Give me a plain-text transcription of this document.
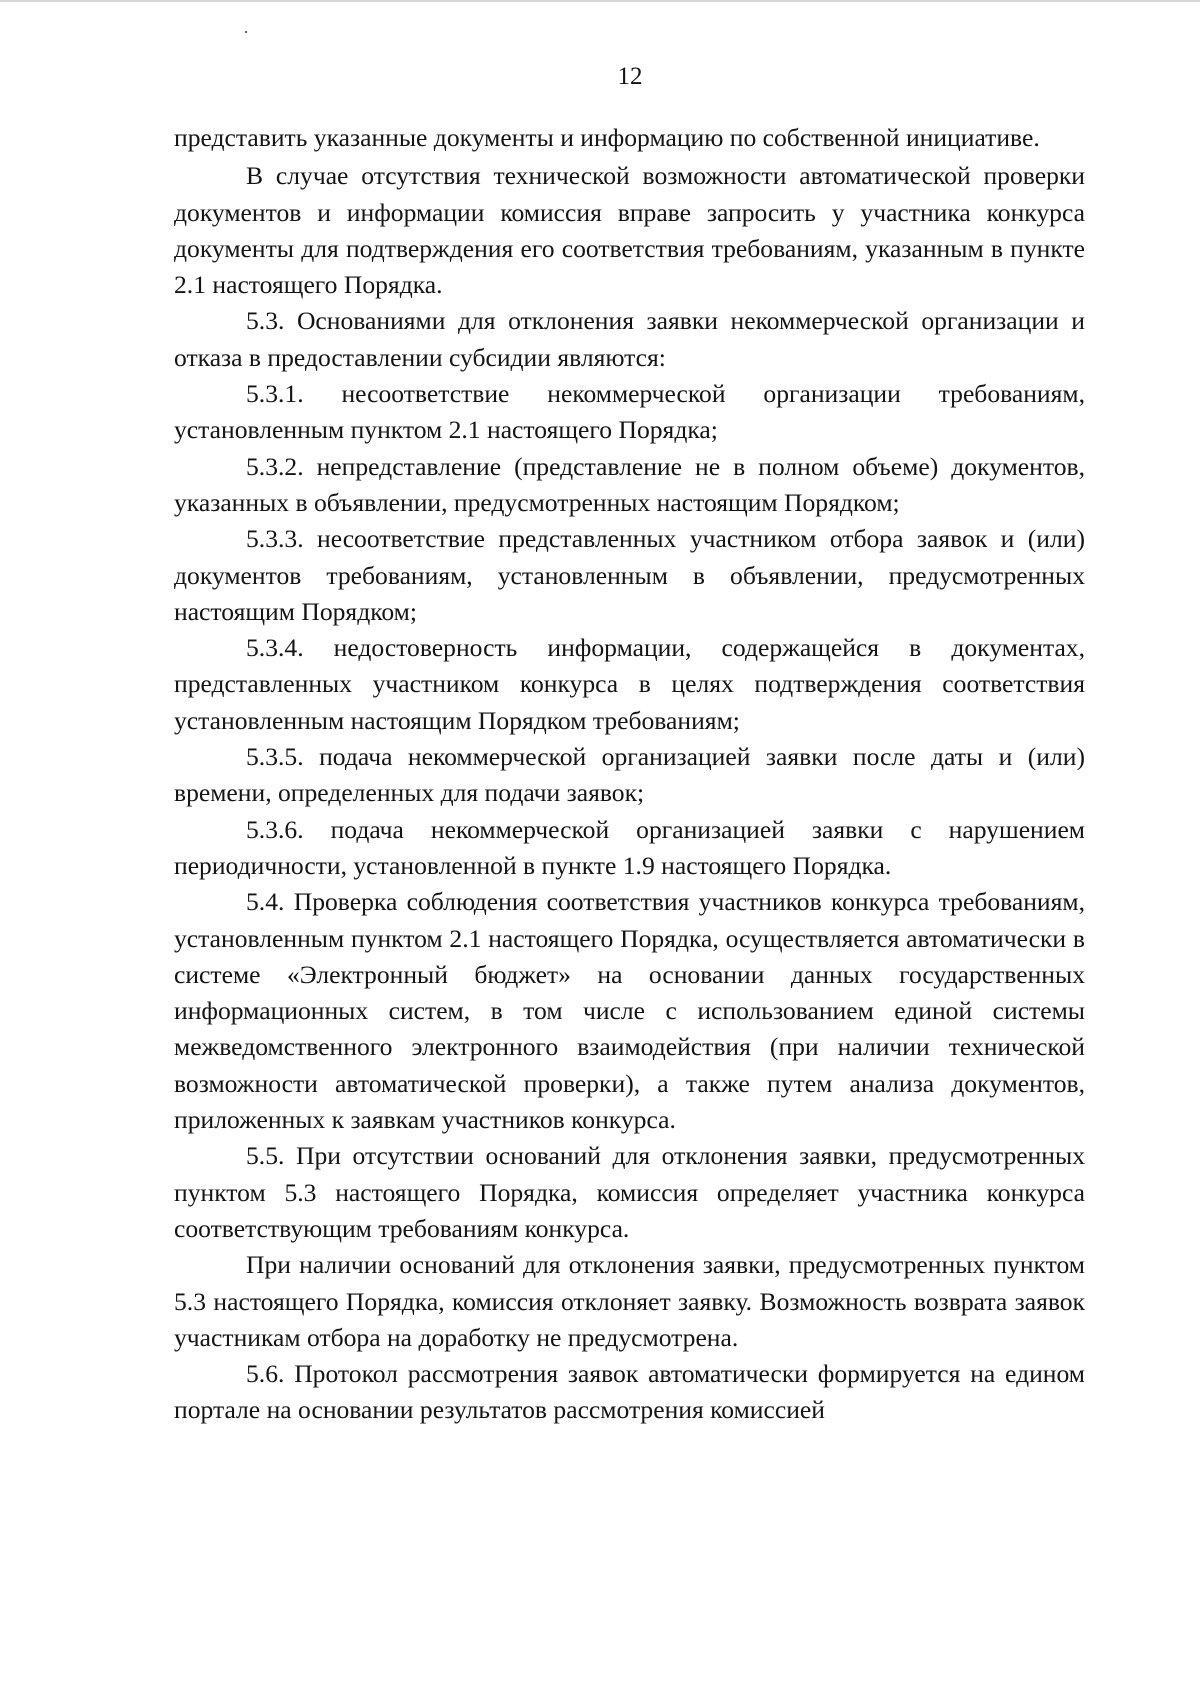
12

представить указанные документы и информацию по собственной инициативе.

В случае отсутствия технической возможности автоматической проверки документов и информации комиссия вправе запросить у участника конкурса документы для подтверждения его соответствия требованиям, указанным в пункте 2.1 настоящего Порядка.

5.3. Основаниями для отклонения заявки некоммерческой организации и отказа в предоставлении субсидии являются:

5.3.1. несоответствие некоммерческой организации требованиям, установленным пунктом 2.1 настоящего Порядка;

5.3.2. непредставление (представление не в полном объеме) документов, указанных в объявлении, предусмотренных настоящим Порядком;

5.3.3. несоответствие представленных участником отбора заявок и (или) документов требованиям, установленным в объявлении, предусмотренных настоящим Порядком;

5.3.4. недостоверность информации, содержащейся в документах, представленных участником конкурса в целях подтверждения соответствия установленным настоящим Порядком требованиям;

5.3.5. подача некоммерческой организацией заявки после даты и (или) времени, определенных для подачи заявок;

5.3.6. подача некоммерческой организацией заявки с нарушением периодичности, установленной в пункте 1.9 настоящего Порядка.

5.4. Проверка соблюдения соответствия участников конкурса требованиям, установленным пунктом 2.1 настоящего Порядка, осуществляется автоматически в системе «Электронный бюджет» на основании данных государственных информационных систем, в том числе с использованием единой системы межведомственного электронного взаимодействия (при наличии технической возможности автоматической проверки), а также путем анализа документов, приложенных к заявкам участников конкурса.

5.5. При отсутствии оснований для отклонения заявки, предусмотренных пунктом 5.3 настоящего Порядка, комиссия определяет участника конкурса соответствующим требованиям конкурса.

При наличии оснований для отклонения заявки, предусмотренных пунктом 5.3 настоящего Порядка, комиссия отклоняет заявку. Возможность возврата заявок участникам отбора на доработку не предусмотрена.

5.6. Протокол рассмотрения заявок автоматически формируется на едином портале на основании результатов рассмотрения комиссией
